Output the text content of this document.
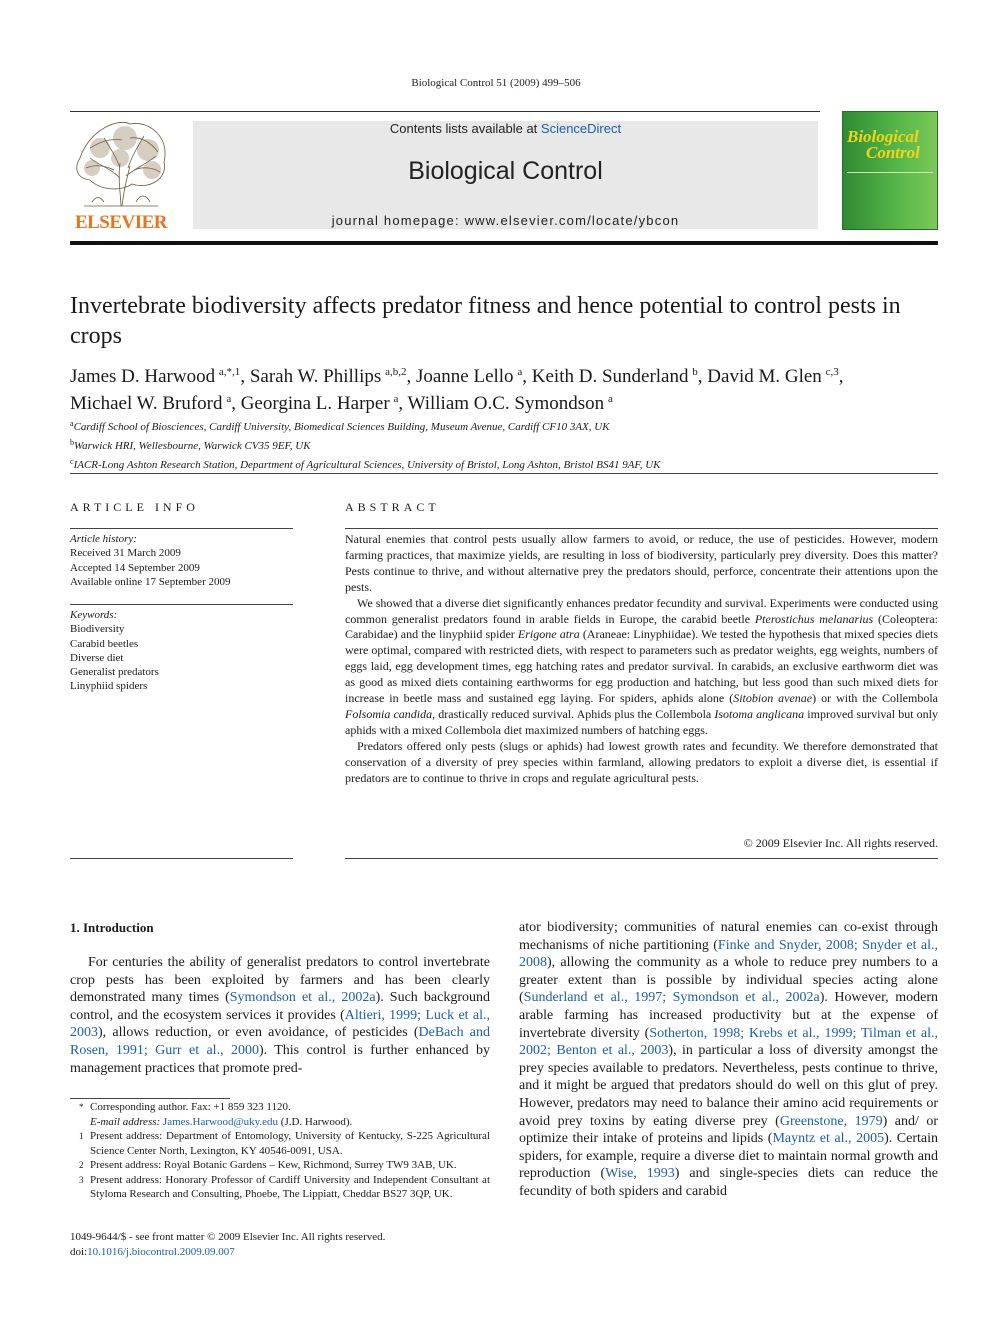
Biological Control 51 (2009) 499–506
ELSEVIER
Contents lists available at ScienceDirect
Biological Control
journal homepage: www.elsevier.com/locate/ybcon
Biological
Control
Invertebrate biodiversity affects predator fitness and hence potential to control pests in crops
James D. Harwood $^{a,*,1}$, Sarah W. Phillips $^{a,b,2}$, Joanne Lello $^a$, Keith D. Sunderland $^b$, David M. Glen $^{c,3}$,
Michael W. Bruford $^a$, Georgina L. Harper $^a$, William O.C. Symondson $^a$
$^a$Cardiff School of Biosciences, Cardiff University, Biomedical Sciences Building, Museum Avenue, Cardiff CF10 3AX, UK
$^b$Warwick HRI, Wellesbourne, Warwick CV35 9EF, UK
$^c$IACR-Long Ashton Research Station, Department of Agricultural Sciences, University of Bristol, Long Ashton, Bristol BS41 9AF, UK
ARTICLE INFO
Article history:
Received 31 March 2009
Accepted 14 September 2009
Available online 17 September 2009
Keywords:
Biodiversity
Carabid beetles
Diverse diet
Generalist predators
Linyphiid spiders
ABSTRACT

Natural enemies that control pests usually allow farmers to avoid, or reduce, the use of pesticides. However, modern farming practices, that maximize yields, are resulting in loss of biodiversity, particularly prey diversity. Does this matter? Pests continue to thrive, and without alternative prey the predators should, perforce, concentrate their attentions upon the pests.

We showed that a diverse diet significantly enhances predator fecundity and survival. Experiments were conducted using common generalist predators found in arable fields in Europe, the carabid beetle Pterostichus melanarius (Coleoptera: Carabidae) and the linyphiid spider Erigone atra (Araneae: Linyphiidae). We tested the hypothesis that mixed species diets were optimal, compared with restricted diets, with respect to parameters such as predator weights, egg weights, numbers of eggs laid, egg development times, egg hatching rates and predator survival. In carabids, an exclusive earthworm diet was as good as mixed diets containing earthworms for egg production and hatching, but less good than such mixed diets for increase in beetle mass and sustained egg laying. For spiders, aphids alone (Sitobion avenae) or with the Collembola Folsomia candida, drastically reduced survival. Aphids plus the Collembola Isotoma anglicana improved survival but only aphids with a mixed Collembola diet maximized numbers of hatching eggs.

Predators offered only pests (slugs or aphids) had lowest growth rates and fecundity. We therefore demonstrated that conservation of a diversity of prey species within farmland, allowing predators to exploit a diverse diet, is essential if predators are to continue to thrive in crops and regulate agricultural pests.

© 2009 Elsevier Inc. All rights reserved.
1. Introduction
For centuries the ability of generalist predators to control invertebrate crop pests has been exploited by farmers and has been clearly demonstrated many times (Symondson et al., 2002a). Such background control, and the ecosystem services it provides (Altieri, 1999; Luck et al., 2003), allows reduction, or even avoidance, of pesticides (DeBach and Rosen, 1991; Gurr et al., 2000). This control is further enhanced by management practices that promote pred-
ator biodiversity; communities of natural enemies can co-exist through mechanisms of niche partitioning (Finke and Snyder, 2008; Snyder et al., 2008), allowing the community as a whole to reduce prey numbers to a greater extent than is possible by individual species acting alone (Sunderland et al., 1997; Symondson et al., 2002a). However, modern arable farming has increased productivity but at the expense of invertebrate diversity (Sotherton, 1998; Krebs et al., 1999; Tilman et al., 2002; Benton et al., 2003), in particular a loss of diversity amongst the prey species available to predators. Nevertheless, pests continue to thrive, and it might be argued that predators should do well on this glut of prey. However, predators may need to balance their amino acid requirements or avoid prey toxins by eating diverse prey (Greenstone, 1979) and/ or optimize their intake of proteins and lipids (Mayntz et al., 2005). Certain spiders, for example, require a diverse diet to maintain normal growth and reproduction (Wise, 1993) and single-species diets can reduce the fecundity of both spiders and carabid
* Corresponding author. Fax: +1 859 323 1120.
E-mail address: James.Harwood@uky.edu (J.D. Harwood).
1 Present address: Department of Entomology, University of Kentucky, S-225 Agricultural Science Center North, Lexington, KY 40546-0091, USA.
2 Present address: Royal Botanic Gardens – Kew, Richmond, Surrey TW9 3AB, UK.
3 Present address: Honorary Professor of Cardiff University and Independent Consultant at Styloma Research and Consulting, Phoebe, The Lippiatt, Cheddar BS27 3QP, UK.
1049-9644/$ - see front matter © 2009 Elsevier Inc. All rights reserved.
doi:10.1016/j.biocontrol.2009.09.007
